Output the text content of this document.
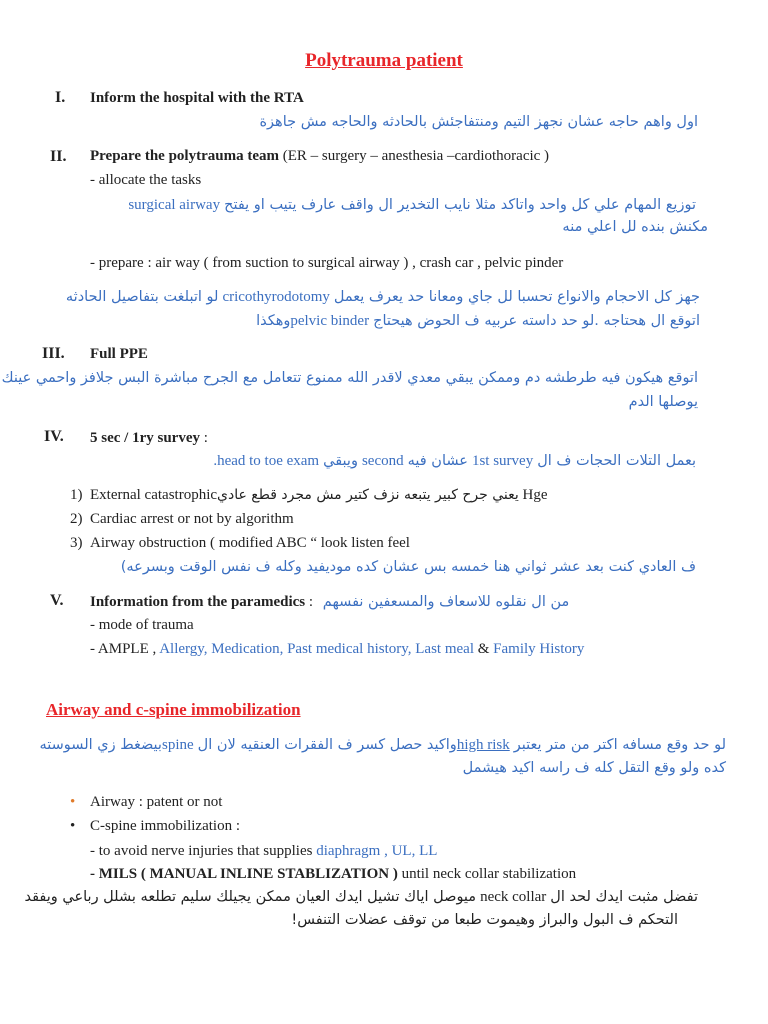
Polytrauma patient
I. Inform the hospital with the RTA
اول واهم حاجه عشان نجهز التيم ومنتفاجئش بالحادثه والحاجه مش جاهزة
II. Prepare the polytrauma team (ER – surgery – anesthesia –cardiothoracic )
- allocate the tasks
توزيع المهام علي كل واحد واتاكد مثلا نايب التخدير ال واقف عارف يتيب او يفتح surgical airway
مكنش بنده لل اعلي منه
- prepare : air way ( from suction to surgical airway ) , crash car , pelvic pinder
جهز كل الاحجام والانواع تحسبا لل جاي ومعانا حد يعرف يعمل cricothyrodotomy لو اتبلغت بتفاصيل الحادثه
اتوقع ال هحتاجه .لو حد داسته عربيه ف الحوض هيحتاج pelvic binderوهكذا
III. Full PPE
اتوقع هيكون فيه طرطشه دم وممكن يبقي معدي لاقدر الله ممنوع تتعامل مع الجرح مباشرة البس جلافز واحمي عينك
يوصلها الدم
IV. 5 sec / 1ry survey :
بعمل التلات الحجات ف ال 1st survey عشان فيه second ويبقي head to toe exam.
1) External catastrophicيعني جرح كبير يتبعه نزف كتير مش مجرد قطع عادي Hge
2) Cardiac arrest or not by algorithm
3) Airway obstruction ( modified ABC “ look listen feel
ف العادي كنت بعد عشر ثواني هنا خمسه بس عشان كده موديفيد وكله ف نفس الوقت وبسرعه)
V. Information from the paramedics : من ال نقلوه للاسعاف والمسعفين نفسهم
- mode of trauma
- AMPLE , Allergy, Medication, Past medical history, Last meal & Family History
Airway and c-spine immobilization
لو حد وقع مسافه اكتر من متر يعتبر high riskواكيد حصل كسر ف الفقرات العنقيه لان ال spineبيضغط زي السوسته
كده ولو وقع التقل كله ف راسه اكيد هيشمل
• Airway : patent or not
• C-spine immobilization :
- to avoid nerve injuries that supplies diaphragm , UL, LL
- MILS ( MANUAL INLINE STABLIZATION ) until neck collar stabilization
تفضل مثبت ايدك لحد ال neck collar ميوصل اياك تشيل ايدك العيان ممكن يجيلك سليم تطلعه بشلل رباعي ويفقد
التحكم ف البول والبراز وهيموت طبعا من توقف عضلات التنفس!
